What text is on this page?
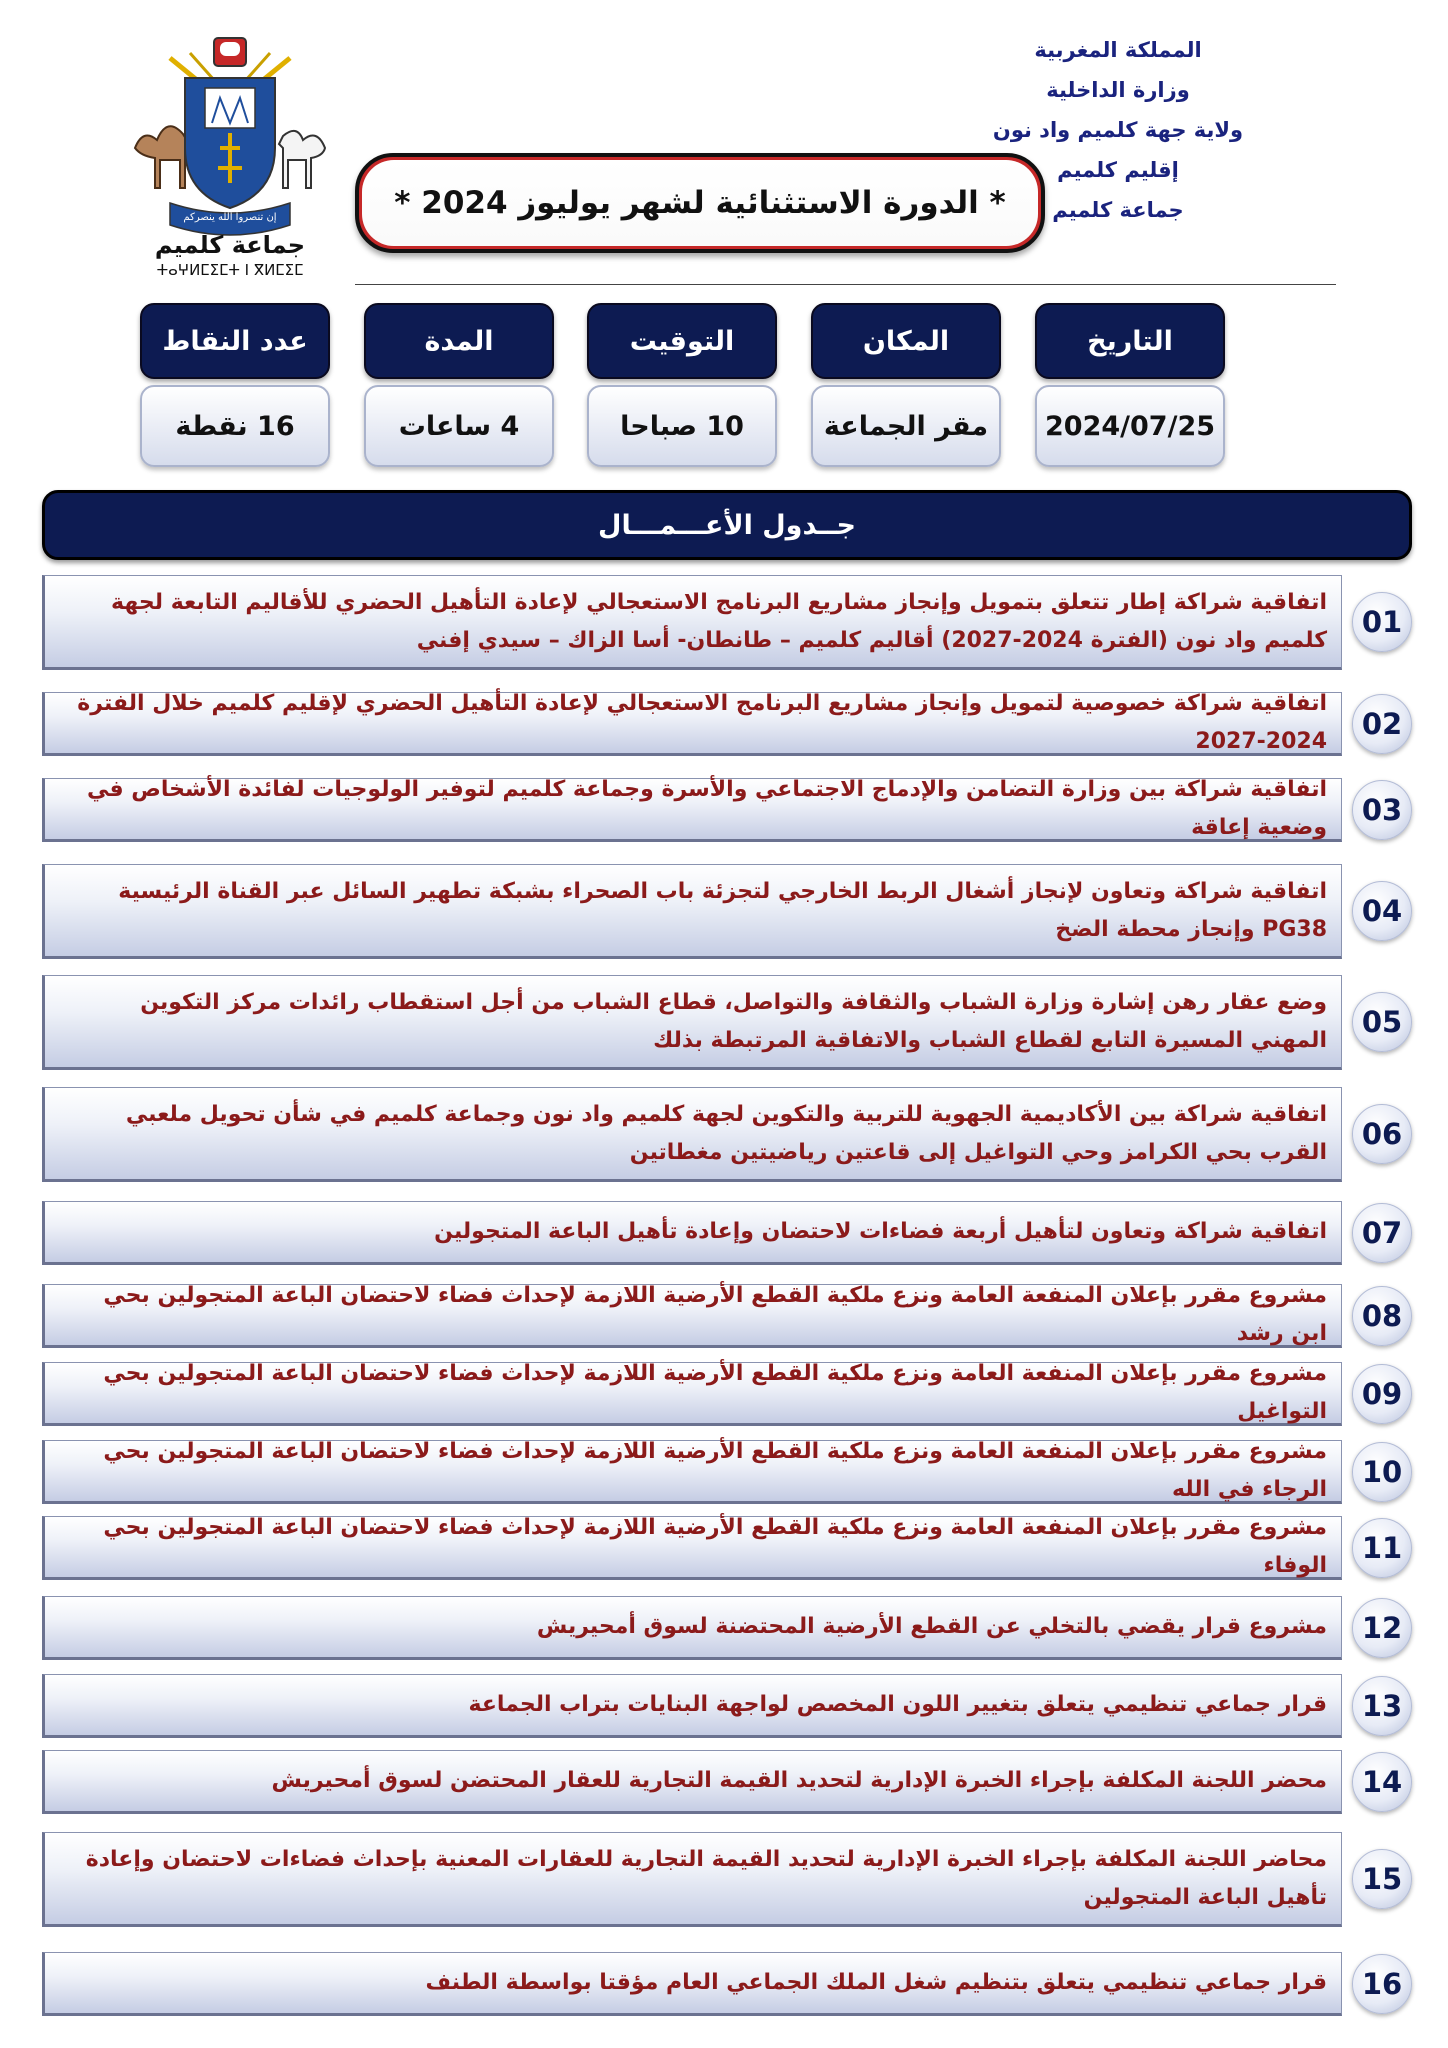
المملكة المغربية
وزارة الداخلية
ولاية جهة كلميم واد نون
إقليم كلميم
جماعة كلميم
إن تنصروا الله ينصركم
جماعة كلميم
ⵜⴰⵖⵍⵎⵉⵎⵜ Ⅰ ⴳⵍⵎⵉⵎ
* الدورة الاستثنائية لشهر يوليوز 2024 *
التاريخ
2024/07/25
المكان
مقر الجماعة
التوقيت
10 صباحا
المدة
4 ساعات
عدد النقاط
16 نقطة
جــدول الأعـــمـــال
اتفاقية شراكة إطار تتعلق بتمويل وإنجاز مشاريع البرنامج الاستعجالي لإعادة التأهيل الحضري للأقاليم التابعة لجهة كلميم واد نون (الفترة 2024-2027) أقاليم كلميم – طانطان- أسا الزاك – سيدي إفني
01
اتفاقية شراكة خصوصية لتمويل وإنجاز مشاريع البرنامج الاستعجالي لإعادة التأهيل الحضري لإقليم كلميم خلال الفترة 2024-2027
02
اتفاقية شراكة بين وزارة التضامن والإدماج الاجتماعي والأسرة وجماعة كلميم لتوفير الولوجيات لفائدة الأشخاص في وضعية إعاقة
03
اتفاقية شراكة وتعاون لإنجاز أشغال الربط الخارجي لتجزئة باب الصحراء بشبكة تطهير السائل عبر القناة الرئيسية PG38 وإنجاز محطة الضخ
04
وضع عقار رهن إشارة وزارة الشباب والثقافة والتواصل، قطاع الشباب من أجل استقطاب رائدات مركز التكوين المهني المسيرة التابع لقطاع الشباب والاتفاقية المرتبطة بذلك
05
اتفاقية شراكة بين الأكاديمية الجهوية للتربية والتكوين لجهة كلميم واد نون وجماعة كلميم في شأن تحويل ملعبي القرب بحي الكرامز وحي التواغيل إلى قاعتين رياضيتين مغطاتين
06
اتفاقية شراكة وتعاون لتأهيل أربعة فضاءات لاحتضان وإعادة تأهيل الباعة المتجولين	07
مشروع مقرر بإعلان المنفعة العامة ونزع ملكية القطع الأرضية اللازمة لإحداث فضاء لاحتضان الباعة المتجولين بحي ابن رشد
08
مشروع مقرر بإعلان المنفعة العامة ونزع ملكية القطع الأرضية اللازمة لإحداث فضاء لاحتضان الباعة المتجولين بحي التواغيل
09
مشروع مقرر بإعلان المنفعة العامة ونزع ملكية القطع الأرضية اللازمة لإحداث فضاء لاحتضان الباعة المتجولين بحي الرجاء في الله
10
مشروع مقرر بإعلان المنفعة العامة ونزع ملكية القطع الأرضية اللازمة لإحداث فضاء لاحتضان الباعة المتجولين بحي الوفاء
11
مشروع قرار يقضي بالتخلي عن القطع الأرضية المحتضنة لسوق أمحيريش	12
قرار جماعي تنظيمي يتعلق بتغيير اللون المخصص لواجهة البنايات بتراب الجماعة	13
محضر اللجنة المكلفة بإجراء الخبرة الإدارية لتحديد القيمة التجارية للعقار المحتضن لسوق أمحيريش	14
محاضر اللجنة المكلفة بإجراء الخبرة الإدارية لتحديد القيمة التجارية للعقارات المعنية بإحداث فضاءات لاحتضان وإعادة تأهيل الباعة المتجولين
15
قرار جماعي تنظيمي يتعلق بتنظيم شغل الملك الجماعي العام مؤقتا بواسطة الطنف	16
